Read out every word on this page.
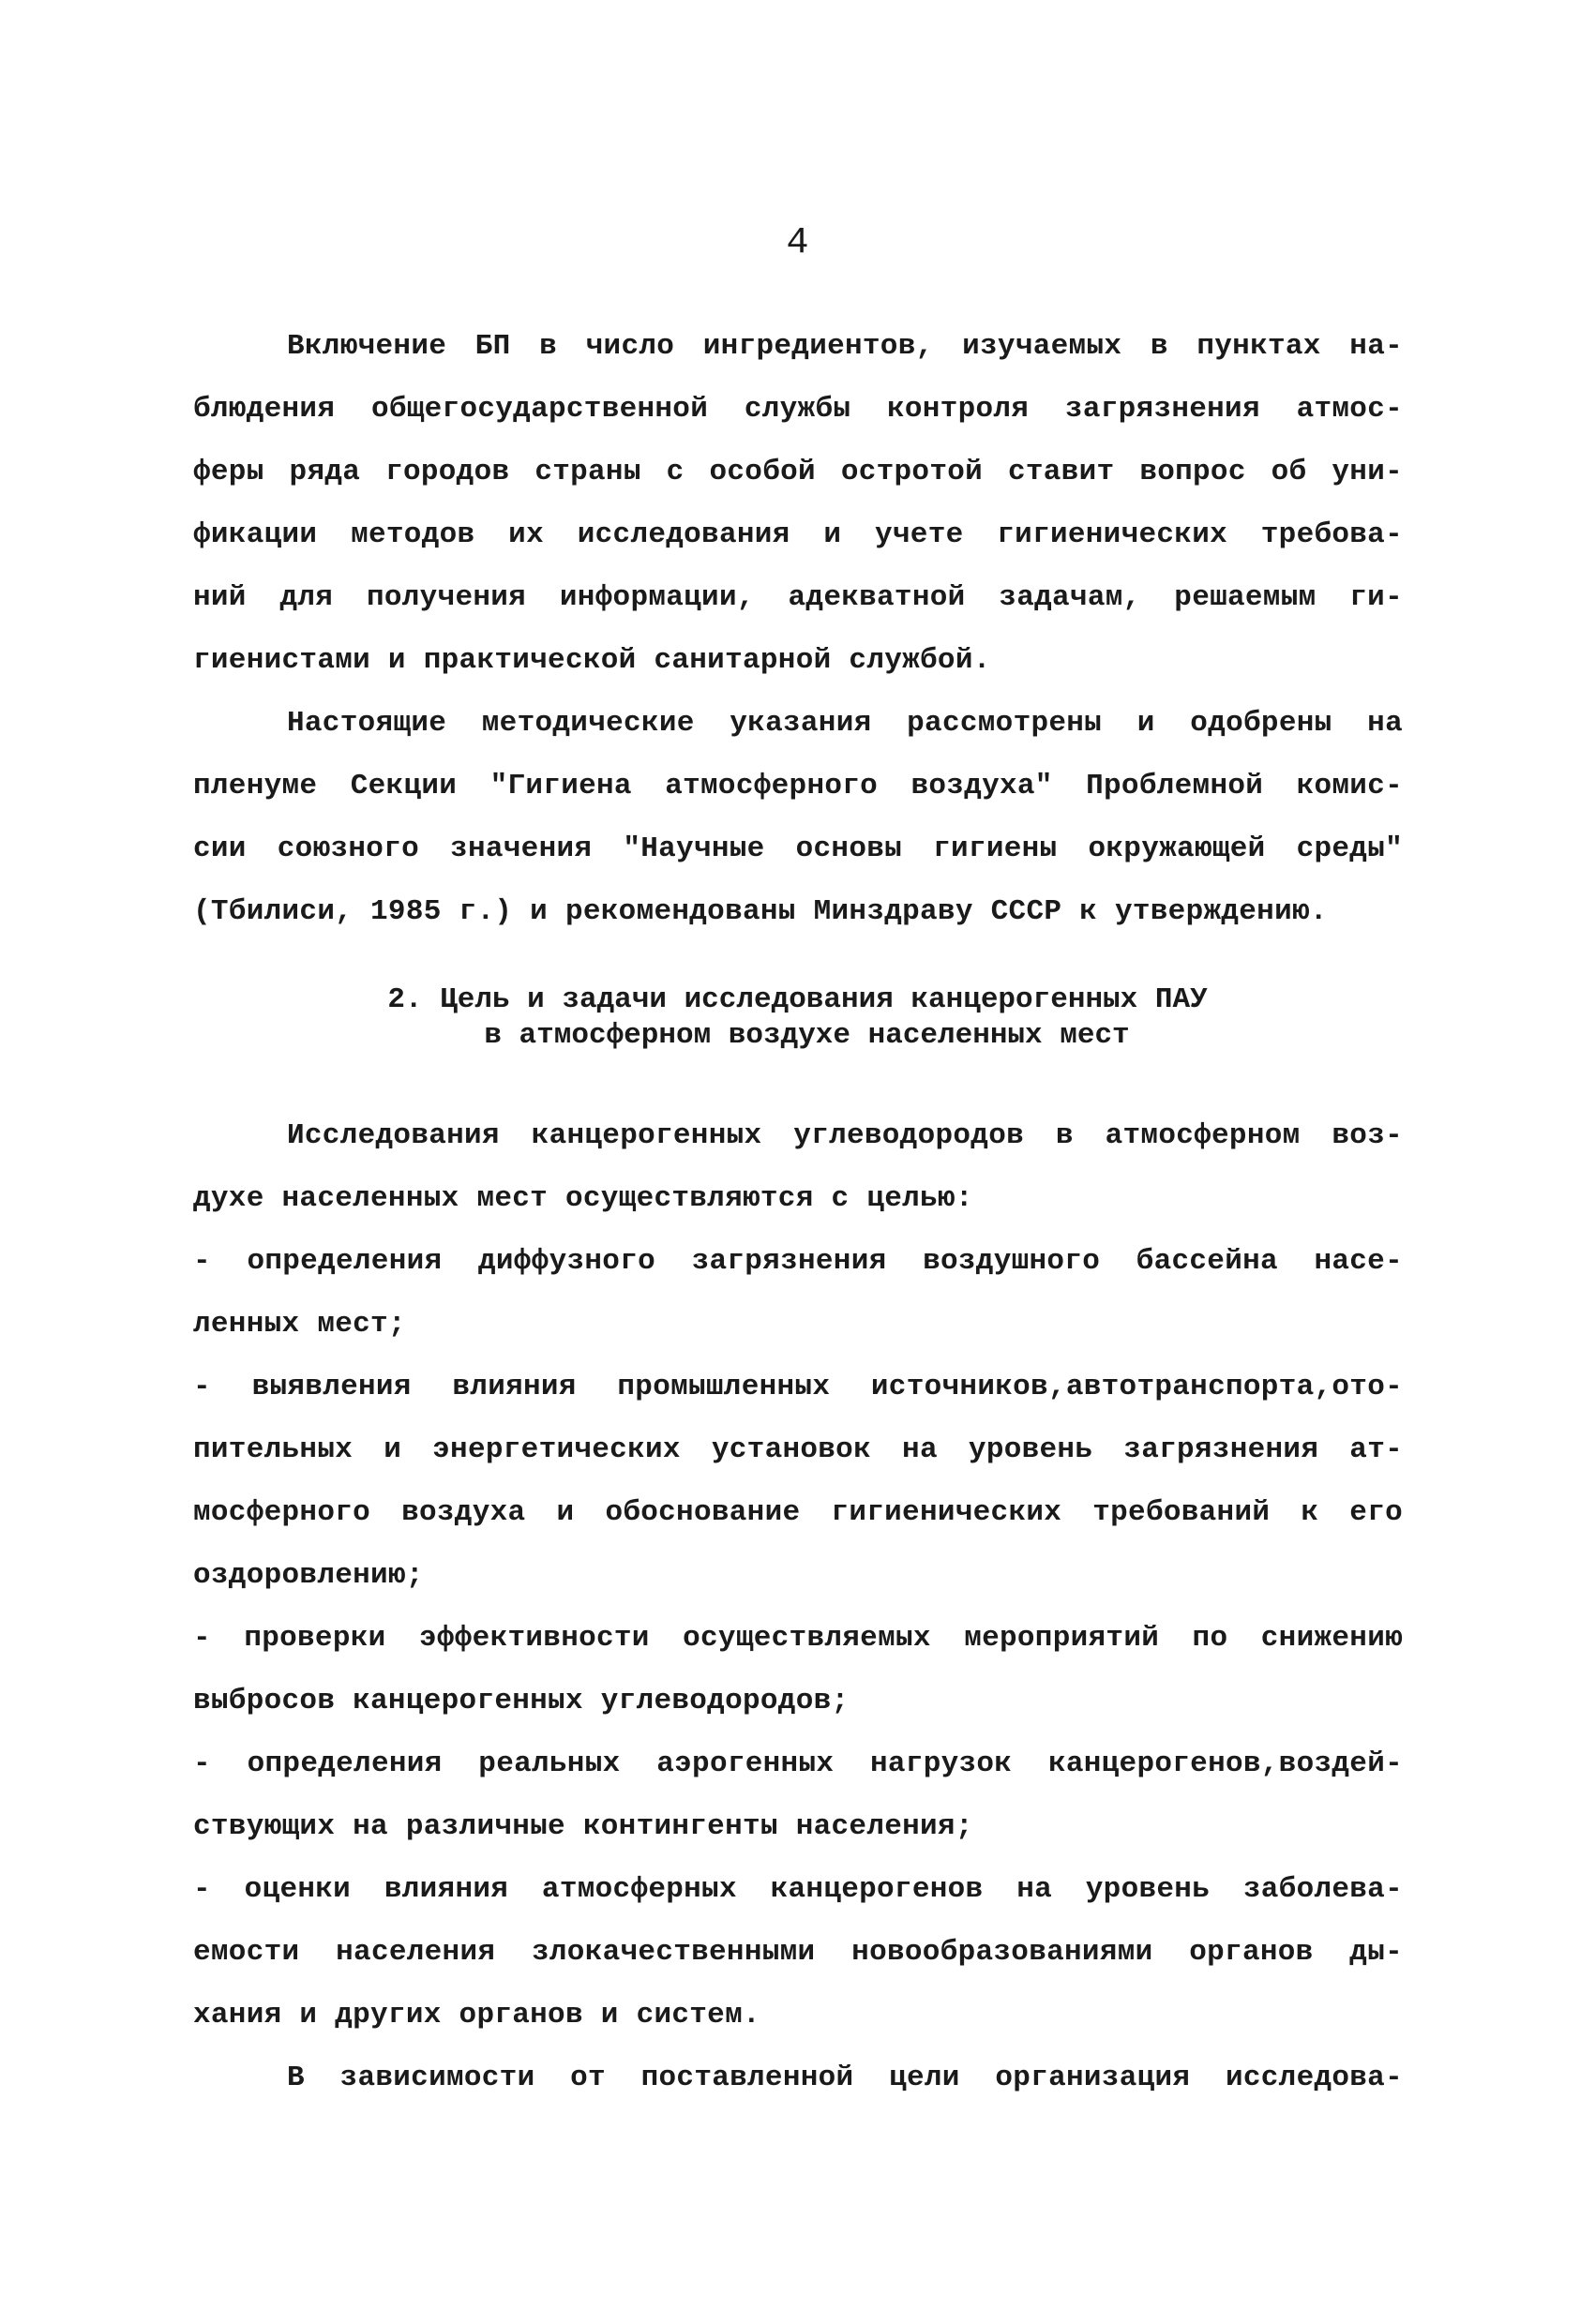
4
Включение БП в число ингредиентов, изучаемых в пунктах на-
блюдения общегосударственной службы контроля загрязнения атмос-
феры ряда городов страны с особой остротой ставит вопрос об уни-
фикации методов их исследования и учете гигиенических требова-
ний для получения информации, адекватной задачам, решаемым ги-
гиенистами и практической санитарной службой.
Настоящие методические указания рассмотрены и одобрены на
пленуме Секции "Гигиена атмосферного воздуха" Проблемной комис-
сии союзного значения "Научные основы гигиены окружающей среды"
(Тбилиси, 1985 г.) и рекомендованы Минздраву СССР к утверждению.
2. Цель и задачи исследования канцерогенных ПАУ
в атмосферном воздухе населенных мест
Исследования канцерогенных углеводородов в атмосферном воз-
духе населенных мест осуществляются с целью:
- определения диффузного загрязнения воздушного бассейна насе-
ленных мест;
- выявления влияния промышленных источников,автотранспорта,ото-
пительных и энергетических установок на уровень загрязнения ат-
мосферного воздуха и обоснование гигиенических требований к его
оздоровлению;
- проверки эффективности осуществляемых мероприятий по снижению
выбросов канцерогенных углеводородов;
- определения реальных аэрогенных нагрузок канцерогенов,воздей-
ствующих на различные контингенты населения;
- оценки влияния атмосферных канцерогенов на уровень заболева-
емости населения злокачественными новообразованиями органов ды-
хания и других органов и систем.
В зависимости от поставленной цели организация исследова-
